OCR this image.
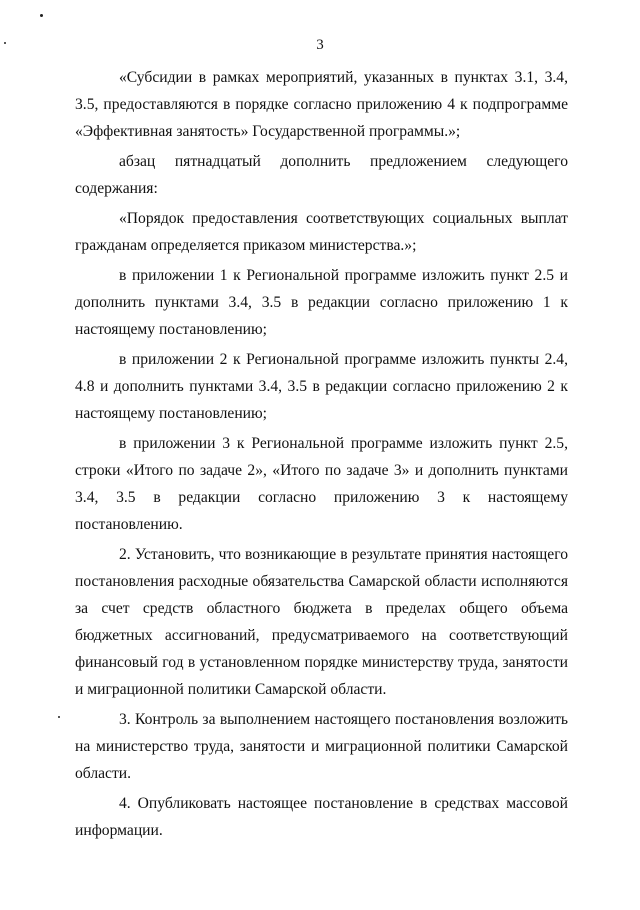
3

«Субсидии в рамках мероприятий, указанных в пунктах 3.1, 3.4, 3.5, предоставляются в порядке согласно приложению 4 к подпрограмме «Эффективная занятость» Государственной программы.»;

абзац пятнадцатый дополнить предложением следующего содержания:

«Порядок предоставления соответствующих социальных выплат гражданам определяется приказом министерства.»;

в приложении 1 к Региональной программе изложить пункт 2.5 и дополнить пунктами 3.4, 3.5 в редакции согласно приложению 1 к настоящему постановлению;

в приложении 2 к Региональной программе изложить пункты 2.4, 4.8 и дополнить пунктами 3.4, 3.5 в редакции согласно приложению 2 к настоящему постановлению;

в приложении 3 к Региональной программе изложить пункт 2.5, строки «Итого по задаче 2», «Итого по задаче 3» и дополнить пунктами 3.4, 3.5 в редакции согласно приложению 3 к настоящему постановлению.

2. Установить, что возникающие в результате принятия настоящего постановления расходные обязательства Самарской области исполняются за счет средств областного бюджета в пределах общего объема бюджетных ассигнований, предусматриваемого на соответствующий финансовый год в установленном порядке министерству труда, занятости и миграционной политики Самарской области.

3. Контроль за выполнением настоящего постановления возложить на министерство труда, занятости и миграционной политики Самарской области.

4. Опубликовать настоящее постановление в средствах массовой информации.
